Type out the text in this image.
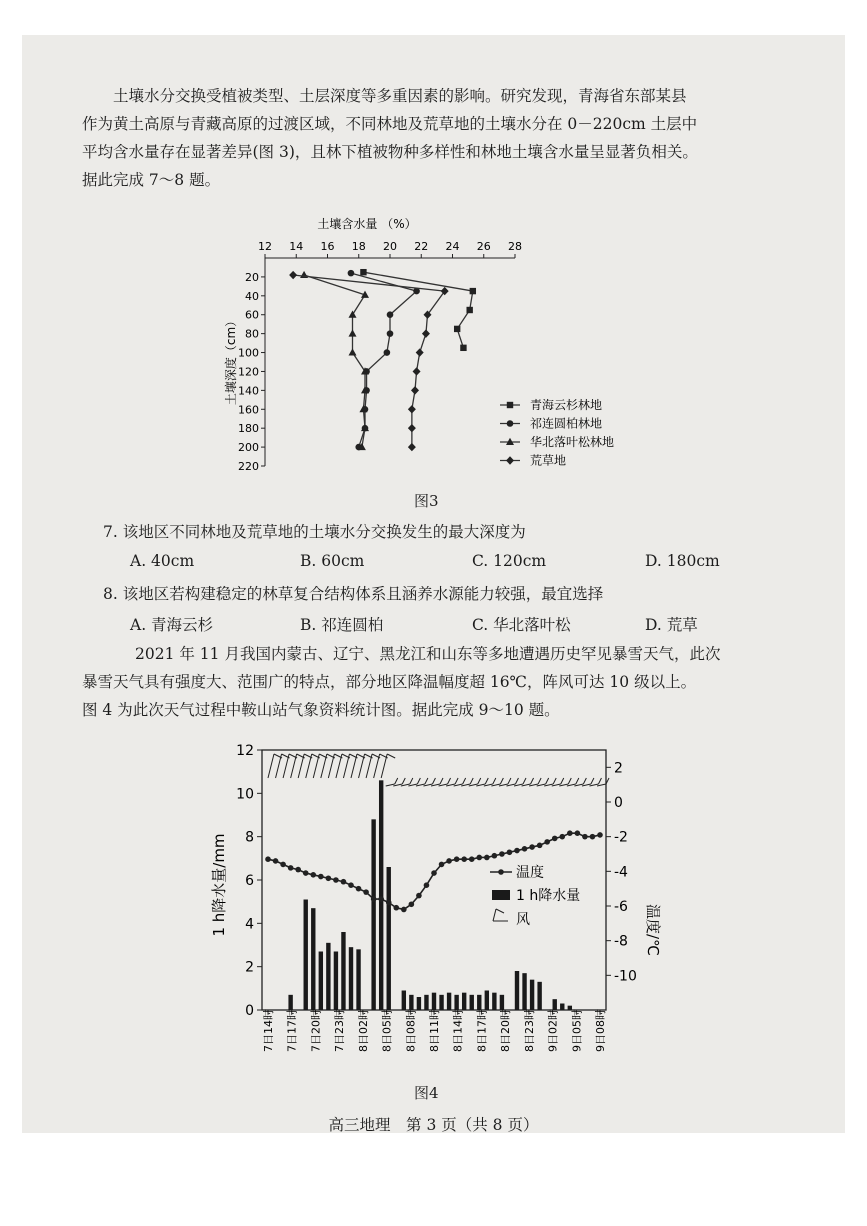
土壤水分交换受植被类型、土层深度等多重因素的影响。研究发现，青海省东部某县
作为黄土高原与青藏高原的过渡区域，不同林地及荒草地的土壤水分在 0－220cm 土层中
平均含水量存在显著差异(图 3)，且林下植被物种多样性和林地土壤含水量呈显著负相关。
据此完成 7～8 题。

土壤含水量 （%）
12 14 16 18 20 22 24 26 28
20
40
60
80
100
120
140
160
180
200
220
土壤深度（cm）	青海云杉林地
祁连圆柏林地
华北落叶松林地
荒草地
图3
7. 该地区不同林地及荒草地的土壤水分交换发生的最大深度为
A. 40cm	B. 60cm	C. 120cm	D. 180cm
8. 该地区若构建稳定的林草复合结构体系且涵养水源能力较强，最宜选择
A. 青海云杉	B. 祁连圆柏	C. 华北落叶松	D. 荒草

2021 年 11 月我国内蒙古、辽宁、黑龙江和山东等多地遭遇历史罕见暴雪天气，此次
暴雪天气具有强度大、范围广的特点，部分地区降温幅度超 16℃，阵风可达 10 级以上。
图 4 为此次天气过程中鞍山站气象资料统计图。据此完成 9～10 题。

0
2
4
6
8
10
12
2
0
-2
-4
-6
-8
-10
7日14时 7日17时 7日20时 7日23时 8日02时 8日05时 8日08时 8日11时 8日14时 8日17时 8日20时 8日23时 9日02时 9日05时 9日08时
温度
1 h降水量
风
1 h降水量/mm	温度/℃
图4
高三地理　第 3 页（共 8 页）
